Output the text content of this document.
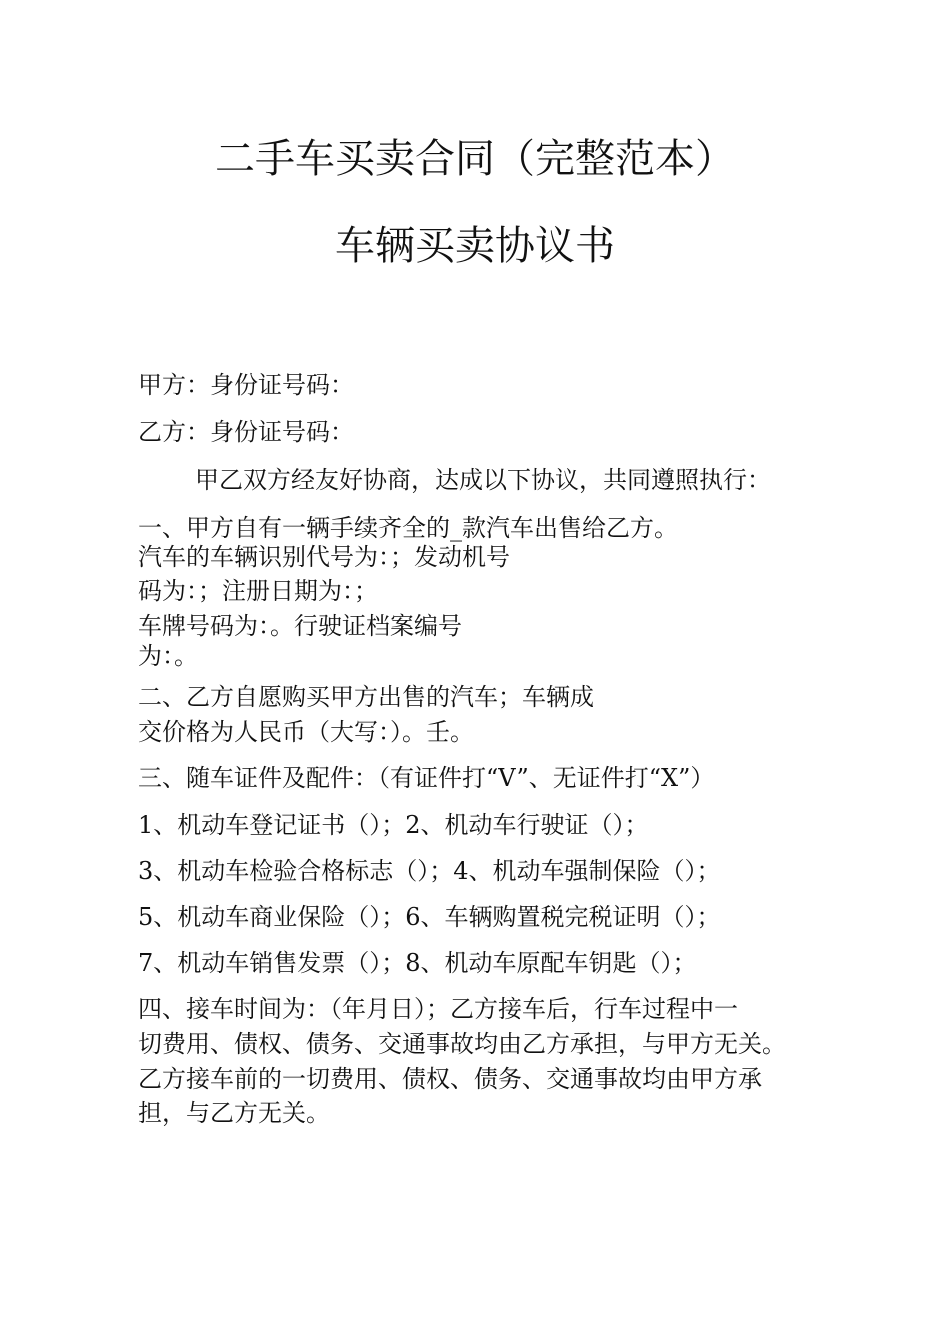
二手车买卖合同（完整范本）
车辆买卖协议书

甲方：身份证号码：

乙方：身份证号码：

甲乙双方经友好协商，达成以下协议，共同遵照执行：

一、甲方自有一辆手续齐全的_款汽车出售给乙方。

汽车的车辆识别代号为：；发动机号

码为：；注册日期为：；

车牌号码为：。行驶证档案编号

为：。

二、乙方自愿购买甲方出售的汽车；车辆成

交价格为人民币（大写：）。壬。

三、随车证件及配件：（有证件打“V”、无证件打“X”）

1、机动车登记证书（）；2、机动车行驶证（）；

3、机动车检验合格标志（）；4、机动车强制保险（）；

5、机动车商业保险（）；6、车辆购置税完税证明（）；

7、机动车销售发票（）；8、机动车原配车钥匙（）；

四、接车时间为：（年月日）；乙方接车后，行车过程中一

切费用、债权、债务、交通事故均由乙方承担，与甲方无关。

乙方接车前的一切费用、债权、债务、交通事故均由甲方承

担，与乙方无关。
